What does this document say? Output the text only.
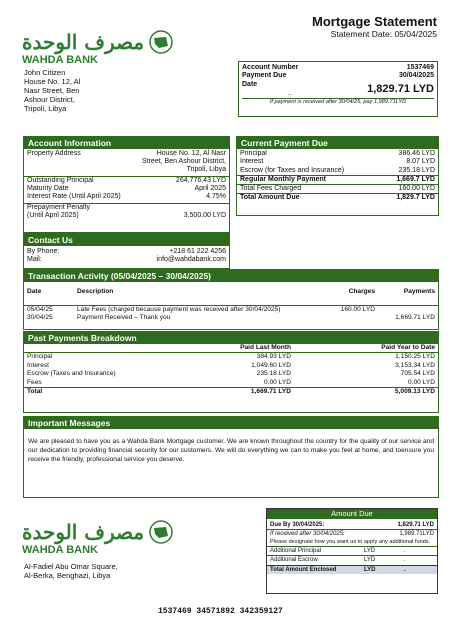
مصرف الوحدة
WAHDA BANK
Mortgage Statement
Statement Date: 05/04/2025
John Citizen
House No. 12, Al
Nasr Street, Ben
Ashour District,
Tripoli, Libya
Account Number	1537469
Payment Due	30/04/2025
Date
_	1,829.71 LYD
If payment is received after 30/04/25, pay 1,989.71LYD
Account Information
Property Address	House No. 12, Al Nasr
Street, Ben Ashour District,
Tripoli, Libya
Outstanding Principal	264,776.43 LYD
Maturity Date	April 2025
Interest Rate (Until April 2025)	4.75%
Prepayment Penalty
(Until April 2025)	3,500.00 LYD
Contact Us
By Phone:	+218 61 222 4256
Mail:	info@wahdabank.com
Current Payment Due
Principal	386.46 LYD
Interest	8.07 LYD
Escrow (for Taxes and Insurance)	235.18 LYD
Regular Monthly Payment	1,669.7 LYD
Total Fees Charged	160.00 LYD
Total Amount Due	1,829.7 LYD
Transaction Activity (05/04/2025 – 30/04/2025)
Date	Description	Charges	Payments

05/04/25	Late Fees (charged because payment was received after 30/04/2025)	160.00 LYD	
30/04/25	Payment Received – Thank you		1,669.71 LYD
Past Payments Breakdown
	Paid Last Month	Paid Year to Date
Principal	384.93 LYD	1,150.25 LYD
Interest	1,049.60 LYD	3,153.34 LYD
Escrow (Taxes and Insurance)	235.18 LYD	705.54 LYD
Fees	0.00 LYD	0.00 LYD
Total	1,669.71 LYD	5,009.13 LYD
Important Messages
We are pleased to have you as a Wahda Bank Mortgage customer. We are known throughout the country for the quality of our service and our dedication to providing financial security for our customers. We will do everything we can to make you feel at home, and toensure you receive the friendly, professional service you deserve.
مصرف الوحدة
WAHDA BANK
Al-Fadiel Abu Omar Square,
Al-Berka, Benghazi, Libya
1537469 34571892 342359127
Amount Due
Due By 30/04/2025:	1,829.71 LYD
If received after 30/04/2025:	1,989.71LYD
Please designate how you want us to apply any additional funds.
Additional Principal	LYD	.
Additional Escrow	LYD	.
Total Amount Enclosed	LYD	.
